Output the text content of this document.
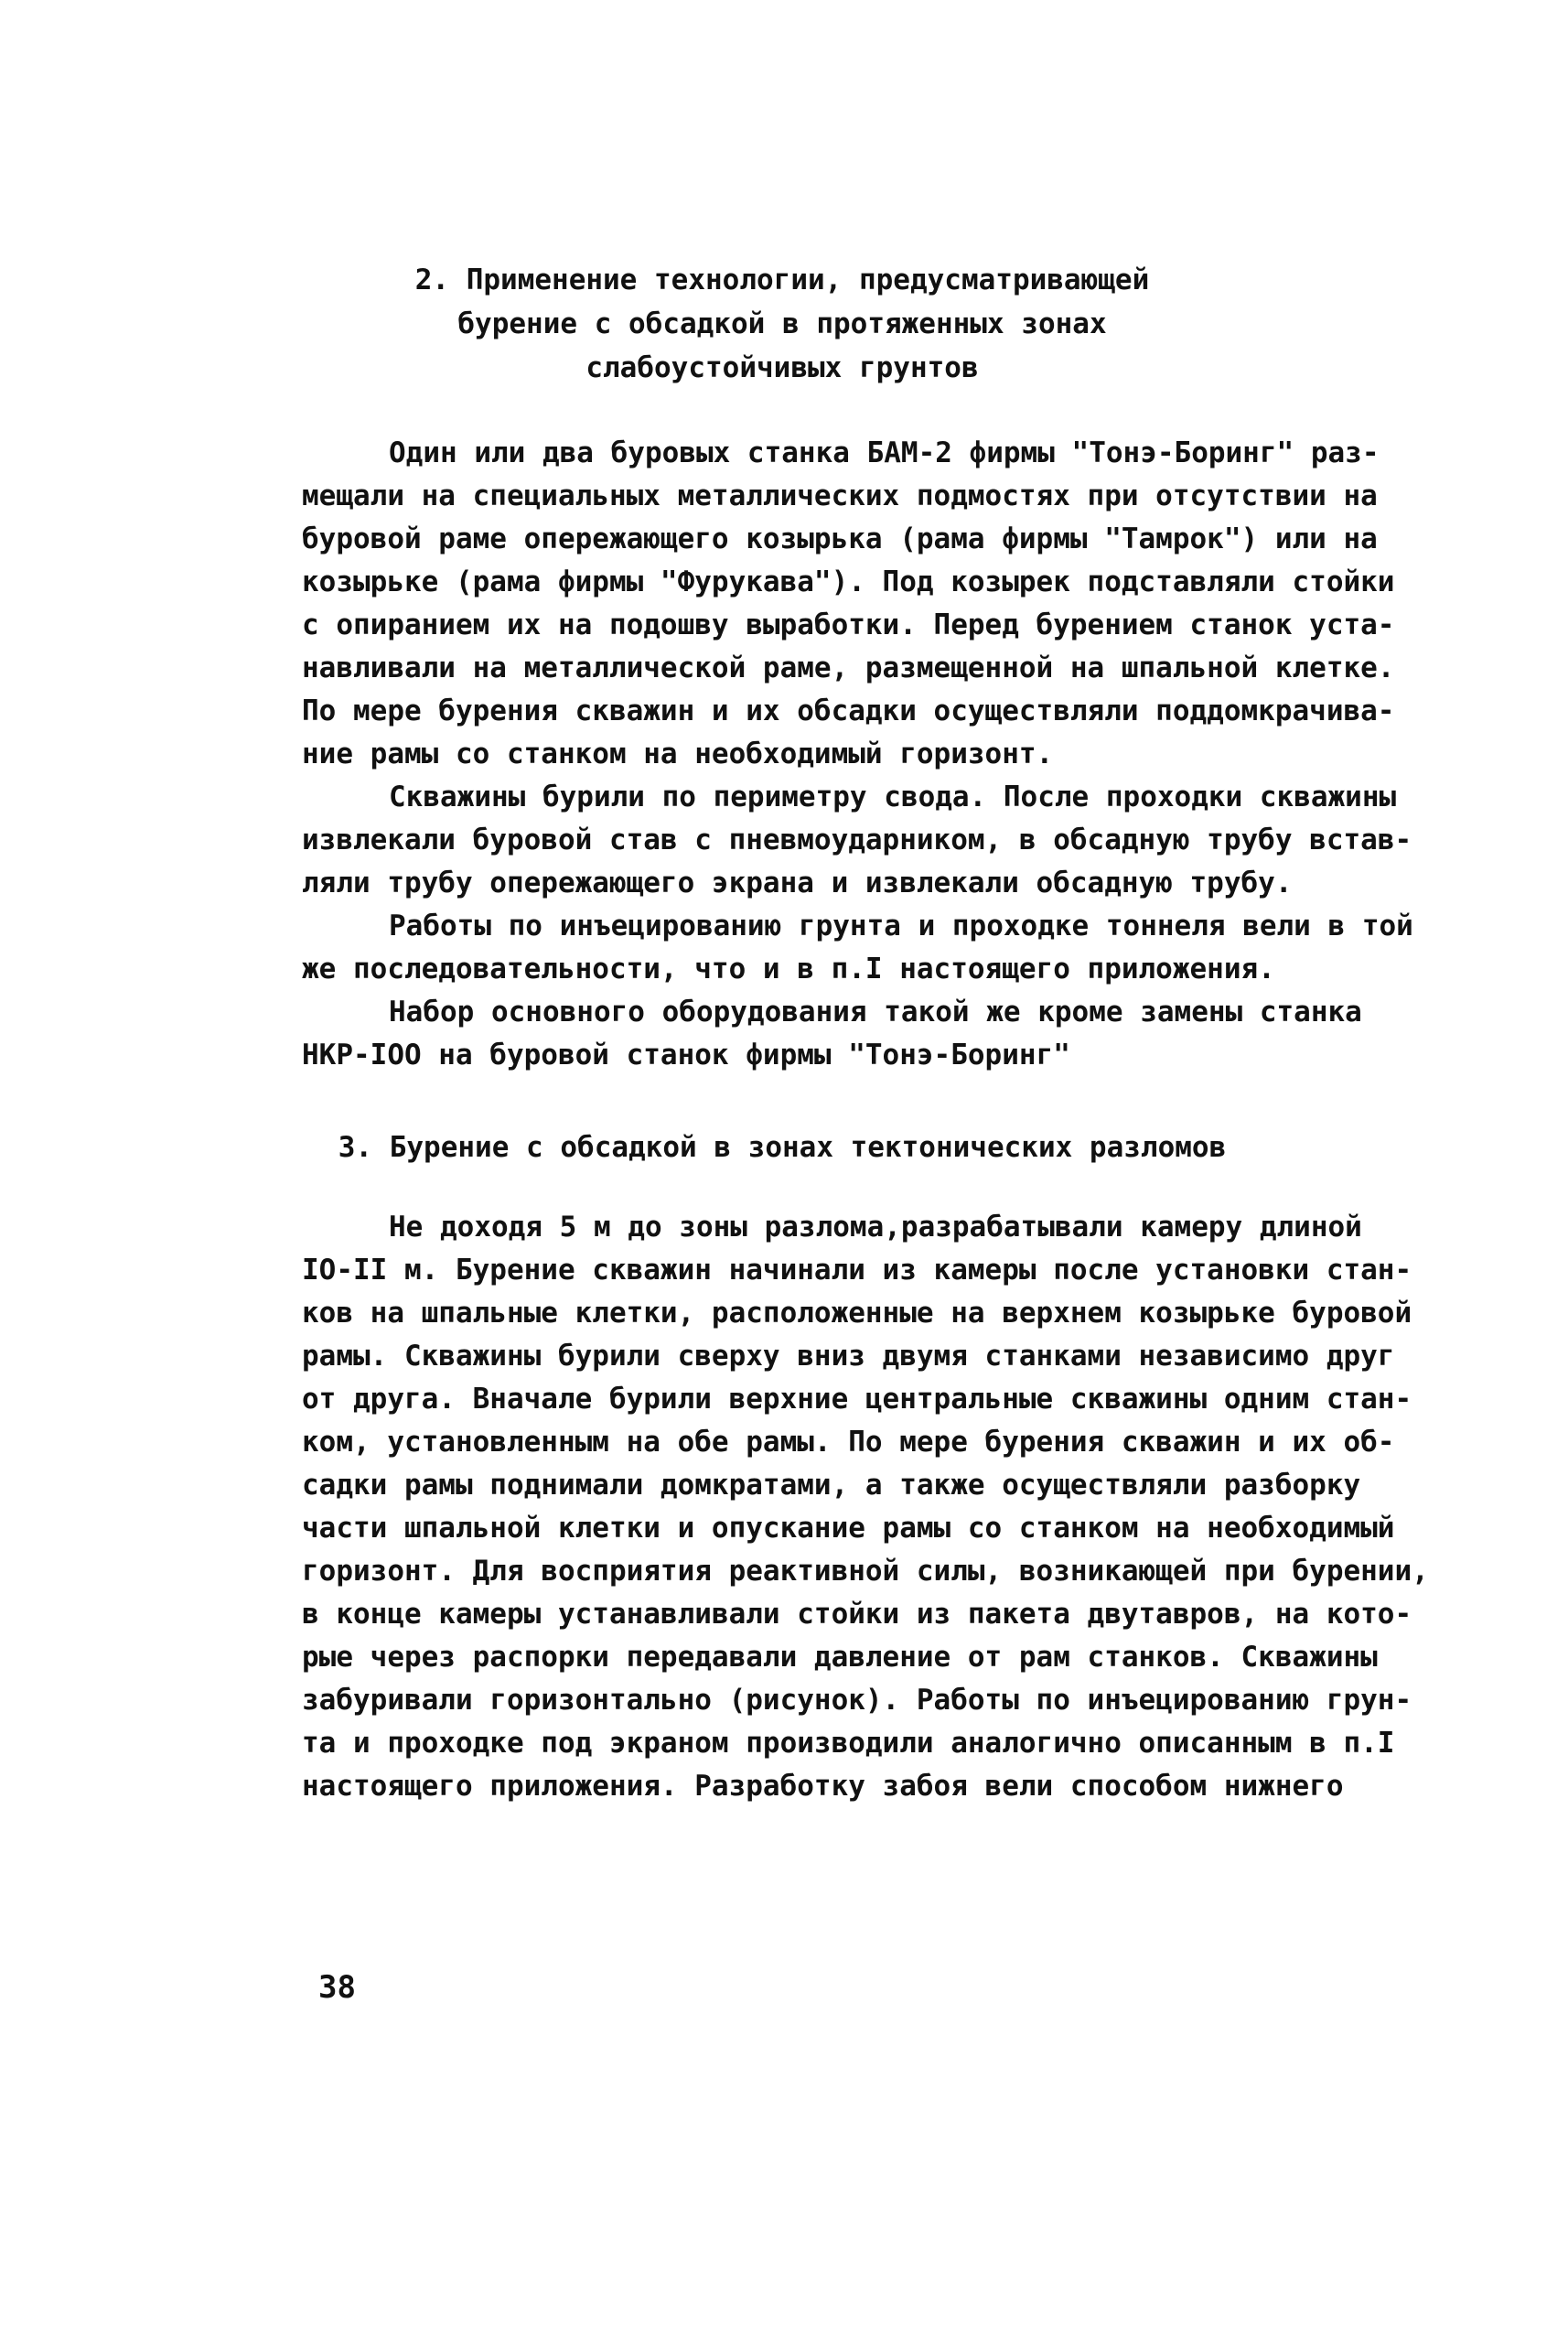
2. Применение технологии, предусматривающей
бурение с обсадкой в протяженных зонах
слабоустойчивых грунтов

Один или два буровых станка БАМ-2 фирмы "Тонэ-Боринг" раз-
мещали на специальных металлических подмостях при отсутствии на
буровой раме опережающего козырька (рама фирмы "Тамрок") или на
козырьке (рама фирмы "Фурукава"). Под козырек подставляли стойки
с опиранием их на подошву выработки. Перед бурением станок уста-
навливали на металлической раме, размещенной на шпальной клетке.
По мере бурения скважин и их обсадки осуществляли поддомкрачива-
ние рамы со станком на необходимый горизонт.

Скважины бурили по периметру свода. После проходки скважины
извлекали буровой став с пневмоударником, в обсадную трубу встав-
ляли трубу опережающего экрана и извлекали обсадную трубу.

Работы по инъецированию грунта и проходке тоннеля вели в той
же последовательности, что и в п.I настоящего приложения.

Набор основного оборудования такой же кроме замены станка
НКР-IОО на буровой станок фирмы "Тонэ-Боринг"

3. Бурение с обсадкой в зонах тектонических разломов

Не доходя 5 м до зоны разлома,разрабатывали камеру длиной
IО-II м. Бурение скважин начинали из камеры после установки стан-
ков на шпальные клетки, расположенные на верхнем козырьке буровой
рамы. Скважины бурили сверху вниз двумя станками независимо друг
от друга. Вначале бурили верхние центральные скважины одним стан-
ком, установленным на обе рамы. По мере бурения скважин и их об-
садки рамы поднимали домкратами, а также осуществляли разборку
части шпальной клетки и опускание рамы со станком на необходимый
горизонт. Для восприятия реактивной силы, возникающей при бурении,
в конце камеры устанавливали стойки из пакета двутавров, на кото-
рые через распорки передавали давление от рам станков. Скважины
забуривали горизонтально (рисунок). Работы по инъецированию грун-
та и проходке под экраном производили аналогично описанным в п.I
настоящего приложения. Разработку забоя вели способом нижнего

38
